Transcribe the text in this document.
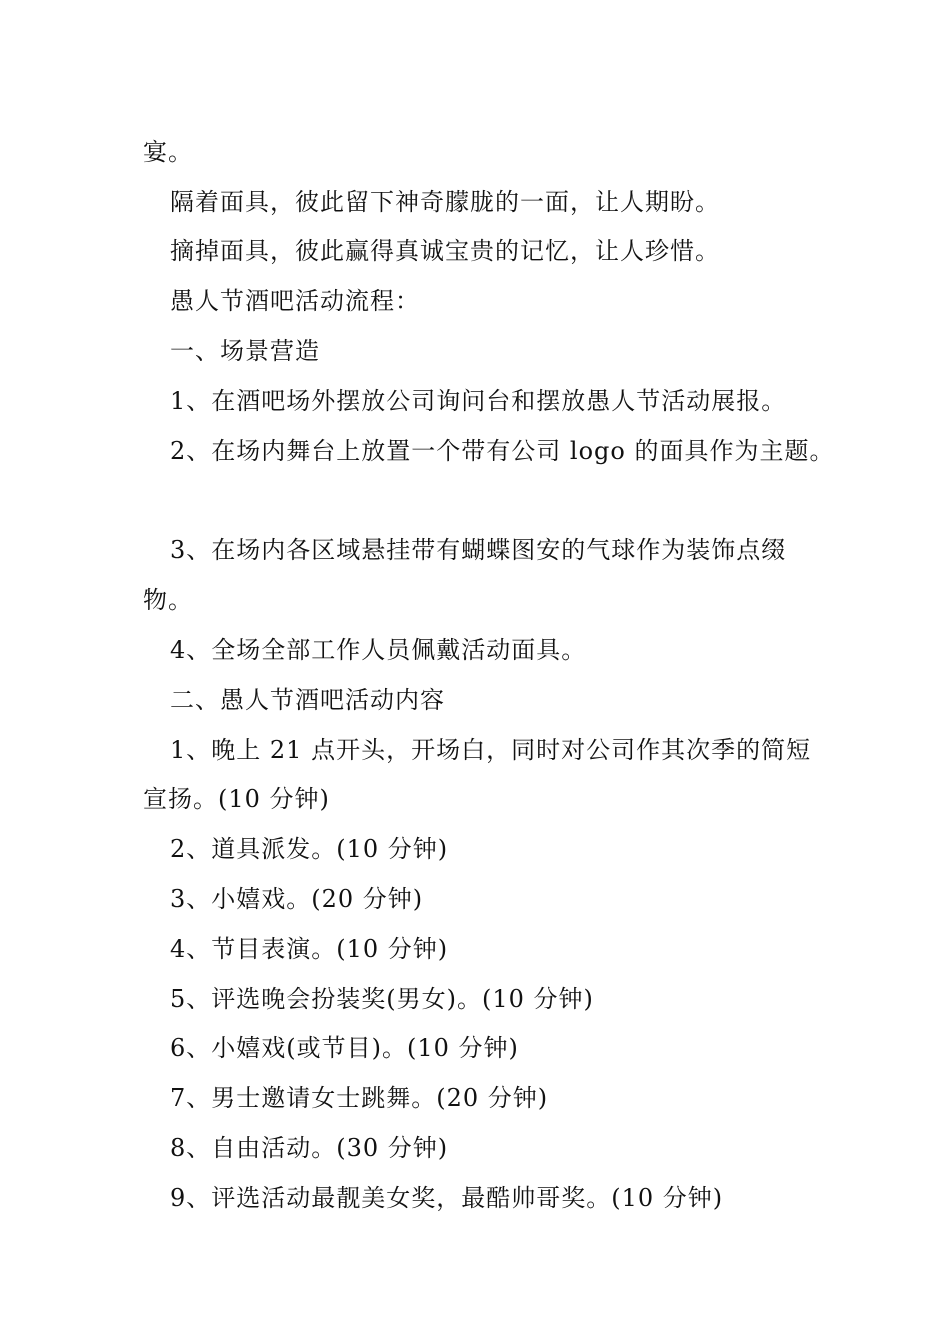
宴。
隔着面具，彼此留下神奇朦胧的一面，让人期盼。
摘掉面具，彼此赢得真诚宝贵的记忆，让人珍惜。
愚人节酒吧活动流程：
一、场景营造
1、在酒吧场外摆放公司询问台和摆放愚人节活动展报。
2、在场内舞台上放置一个带有公司 logo 的面具作为主题。
3、在场内各区域悬挂带有蝴蝶图安的气球作为装饰点缀
物。
4、全场全部工作人员佩戴活动面具。
二、愚人节酒吧活动内容
1、晚上 21 点开头，开场白，同时对公司作其次季的简短
宣扬。(10 分钟)
2、道具派发。(10 分钟)
3、小嬉戏。(20 分钟)
4、节目表演。(10 分钟)
5、评选晚会扮装奖(男女)。(10 分钟)
6、小嬉戏(或节目)。(10 分钟)
7、男士邀请女士跳舞。(20 分钟)
8、自由活动。(30 分钟)
9、评选活动最靓美女奖，最酷帅哥奖。(10 分钟)
